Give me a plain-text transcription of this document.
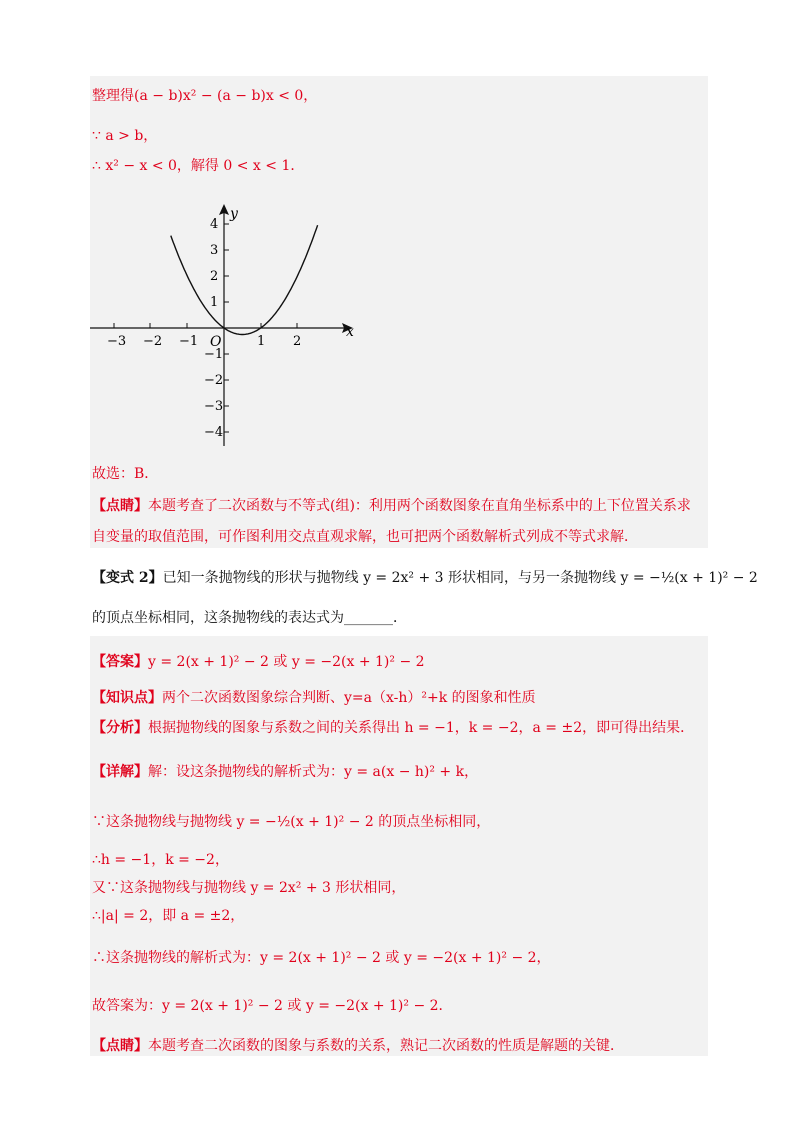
整理得(a − b)x² − (a − b)x < 0，
∵ a > b，
∴ x² − x < 0，解得 0 < x < 1．
−3 −2 −1	1 2
4
3
2
1
−1
−2
−3
−4
O
x
y
故选：B．
【点睛】本题考查了二次函数与不等式(组)：利用两个函数图象在直角坐标系中的上下位置关系求
自变量的取值范围，可作图利用交点直观求解，也可把两个函数解析式列成不等式求解．
【变式 2】已知一条抛物线的形状与抛物线 y = 2x² + 3 形状相同，与另一条抛物线 y = −½(x + 1)² − 2
的顶点坐标相同，这条抛物线的表达式为_______．
【答案】y = 2(x + 1)² − 2 或 y = −2(x + 1)² − 2
【知识点】两个二次函数图象综合判断、y=a（x-h）²+k 的图象和性质
【分析】根据抛物线的图象与系数之间的关系得出 h = −1，k = −2，a = ±2，即可得出结果．
【详解】解：设这条抛物线的解析式为：y = a(x − h)² + k，
∵这条抛物线与抛物线 y = −½(x + 1)² − 2 的顶点坐标相同，
∴h = −1，k = −2，
又∵这条抛物线与抛物线 y = 2x² + 3 形状相同，
∴|a| = 2，即 a = ±2，
∴这条抛物线的解析式为：y = 2(x + 1)² − 2 或 y = −2(x + 1)² − 2，
故答案为：y = 2(x + 1)² − 2 或 y = −2(x + 1)² − 2．
【点睛】本题考查二次函数的图象与系数的关系，熟记二次函数的性质是解题的关键．
